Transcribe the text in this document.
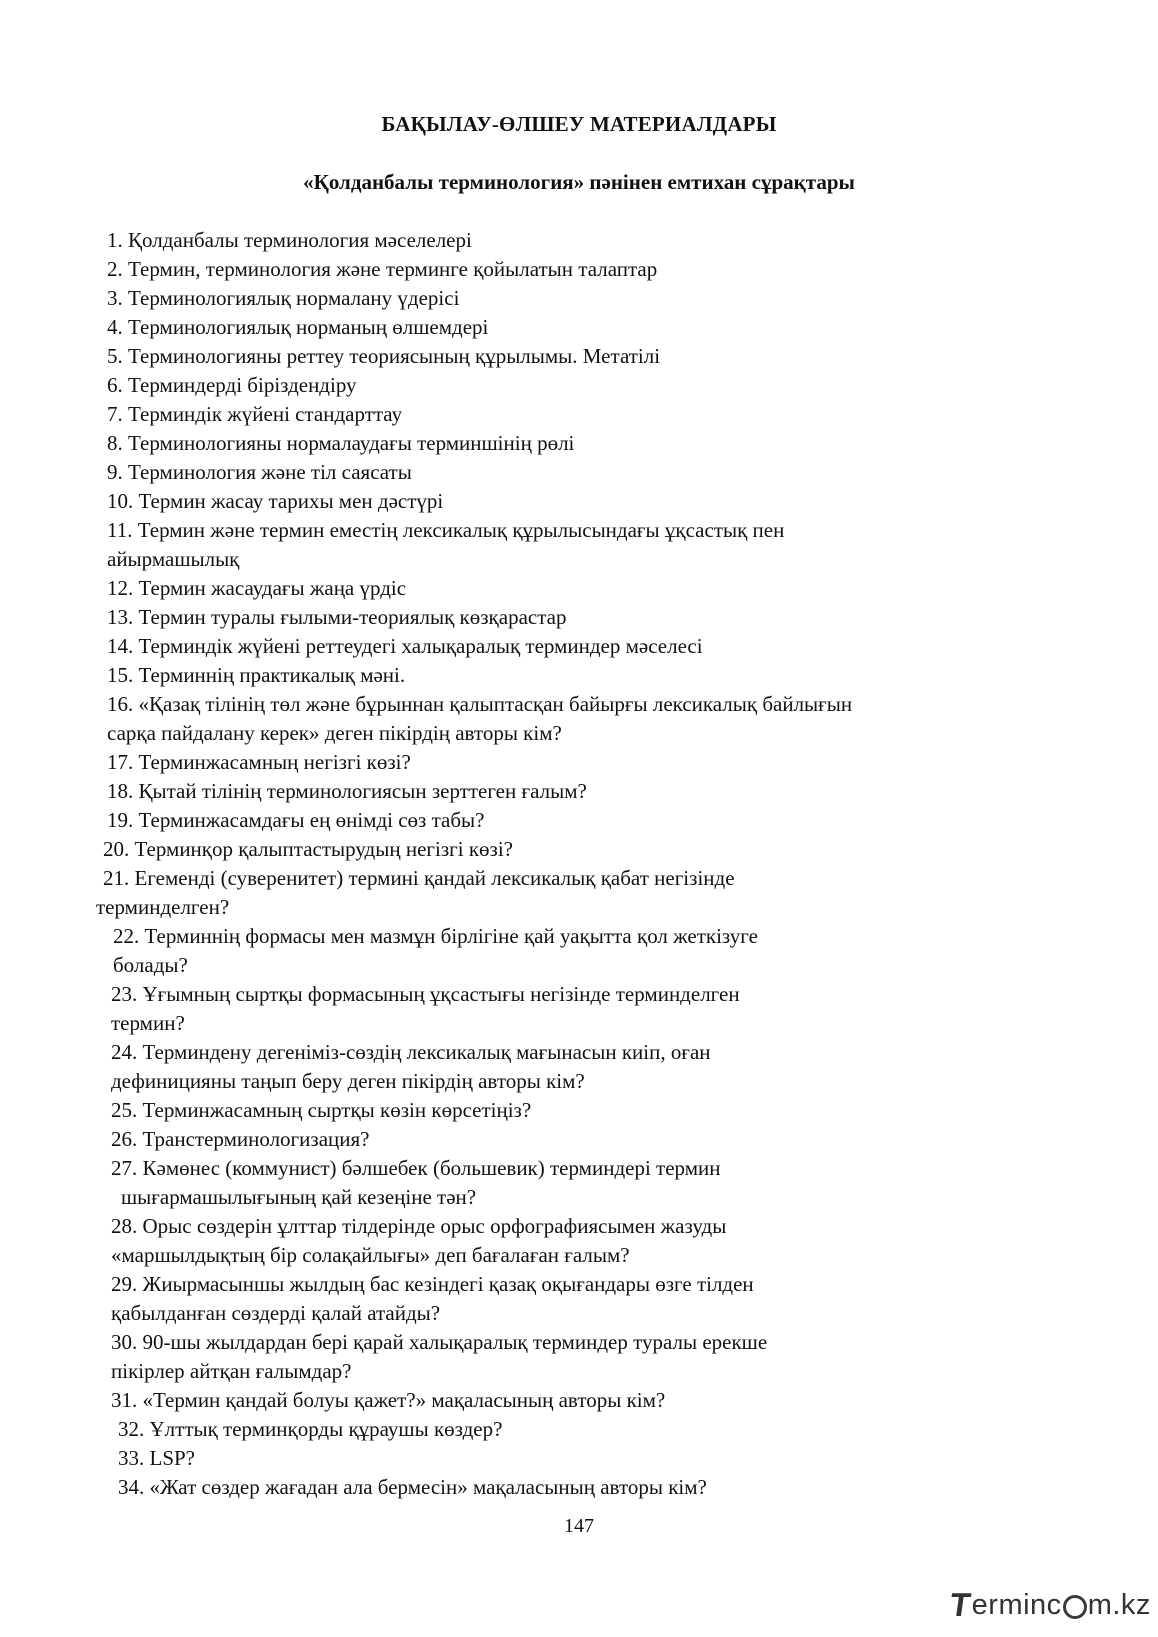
БАҚЫЛАУ-ӨЛШЕУ МАТЕРИАЛДАРЫ
«Қолданбалы терминология» пәнінен емтихан сұрақтары
1. Қолданбалы терминология мәселелері
2. Термин, терминология және терминге қойылатын талаптар
3. Терминологиялық нормалану үдерісі
4. Терминологиялық норманың өлшемдері
5. Терминологияны реттеу теориясының құрылымы. Метатілі
6. Терминдерді біріздендіру
7. Терминдік жүйені стандарттау
8. Терминологияны нормалаудағы терминшінің рөлі
9. Терминология және тіл саясаты
10. Термин жасау тарихы мен дәстүрі
11. Термин және термин еместің лексикалық құрылысындағы ұқсастық пен
айырмашылық
12. Термин жасаудағы жаңа үрдіс
13. Термин туралы ғылыми-теориялық көзқарастар
14. Терминдік жүйені реттеудегі халықаралық терминдер мәселесі
15. Терминнің практикалық мәні.
16. «Қазақ тілінің төл және бұрыннан қалыптасқан байырғы лексикалық байлығын
сарқа пайдалану керек» деген пікірдің авторы кім?
17. Терминжасамның негізгі көзі?
18. Қытай тілінің терминологиясын зерттеген ғалым?
19. Терминжасамдағы ең өнімді сөз табы?
20. Терминқор қалыптастырудың негізгі көзі?
21. Егеменді (суверенитет) термині қандай лексикалық қабат негізінде
терминделген?
22. Терминнің формасы мен мазмұн бірлігіне қай уақытта қол жеткізуге
болады?
23. Ұғымның сыртқы формасының ұқсастығы негізінде терминделген
термин?
24. Терминдену дегеніміз-сөздің лексикалық мағынасын киіп, оған
дефиницияны таңып беру деген пікірдің авторы кім?
25. Терминжасамның сыртқы көзін көрсетіңіз?
26. Транстерминологизация?
27. Кәмөнес (коммунист) бәлшебек (большевик) терминдері термин
шығармашылығының қай кезеңіне тән?
28. Орыс сөздерін ұлттар тілдерінде орыс орфографиясымен жазуды
«маршылдықтың бір солақайлығы» деп бағалаған ғалым?
29. Жиырмасыншы жылдың бас кезіндегі қазақ оқығандары өзге тілден
қабылданған сөздерді қалай атайды?
30. 90-шы жылдардан бері қарай халықаралық терминдер туралы ерекше
пікірлер айтқан ғалымдар?
31. «Термин қандай болуы қажет?» мақаласының авторы кім?
32. Ұлттық терминқорды құраушы көздер?
33. LSP?
34. «Жат сөздер жағадан ала бермесін» мақаласының авторы кім?
147
T
erminc m.kz
